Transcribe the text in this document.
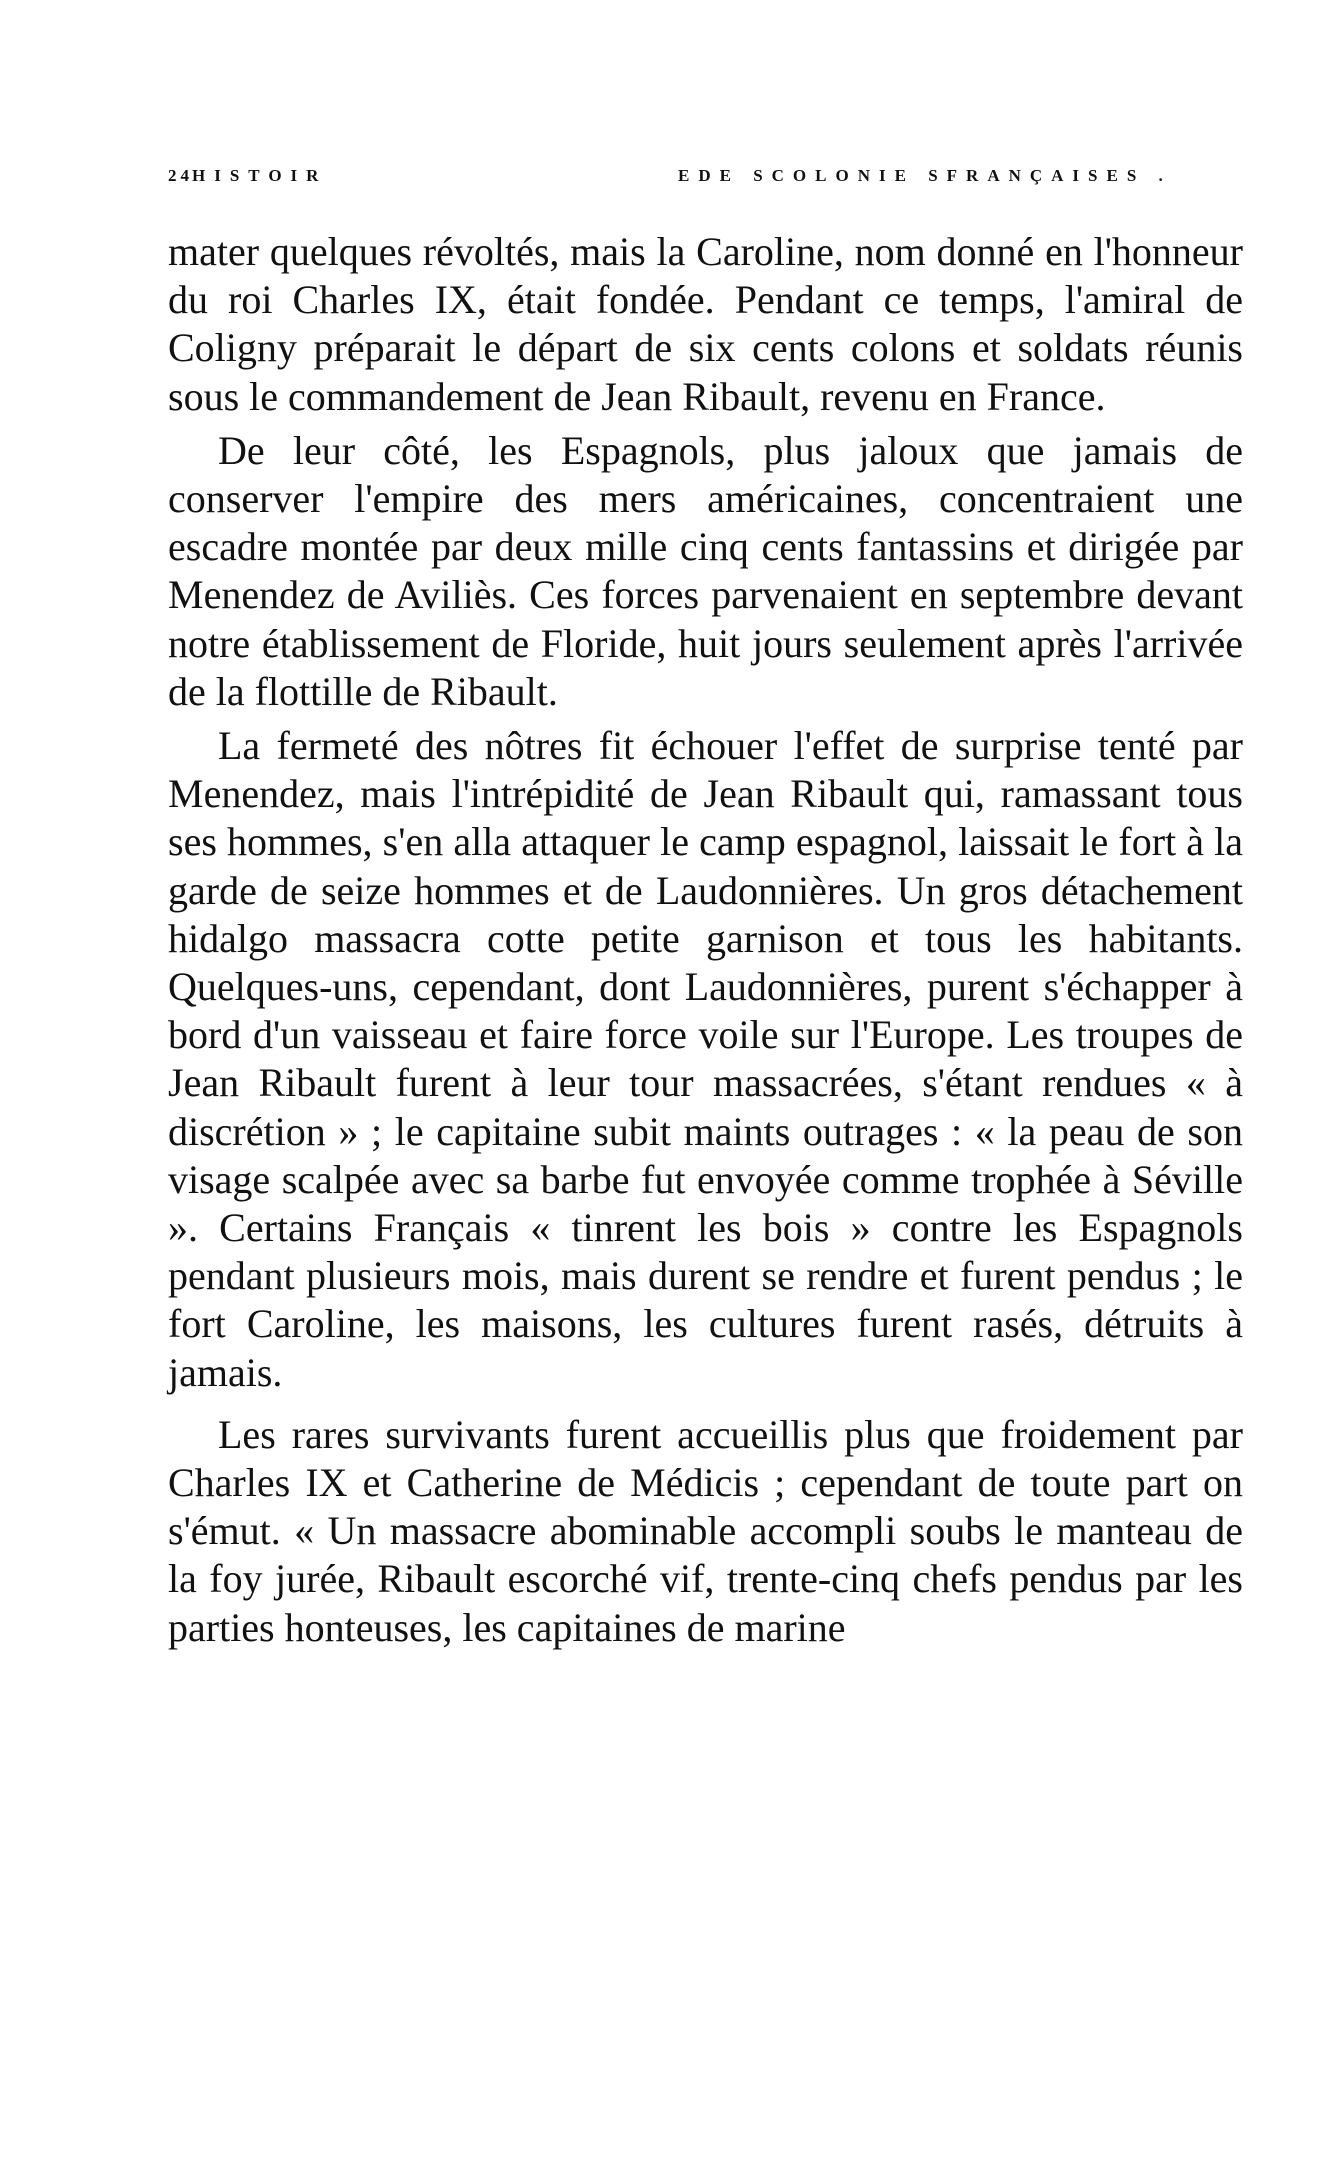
24 HISTOIR	EDE SCOLONIE SFRANÇAISES .

mater quelques révoltés, mais la Caroline, nom donné en l'honneur du roi Charles IX, était fondée. Pendant ce temps, l'amiral de Coligny préparait le départ de six cents colons et soldats réunis sous le commandement de Jean Ribault, revenu en France.

De leur côté, les Espagnols, plus jaloux que jamais de conserver l'empire des mers américaines, concentraient une escadre montée par deux mille cinq cents fantassins et dirigée par Menendez de Aviliès. Ces forces parvenaient en septembre devant notre établissement de Floride, huit jours seulement après l'arrivée de la flottille de Ribault.

La fermeté des nôtres fit échouer l'effet de surprise tenté par Menendez, mais l'intrépidité de Jean Ribault qui, ramassant tous ses hommes, s'en alla attaquer le camp espagnol, laissait le fort à la garde de seize hommes et de Laudonnières. Un gros détachement hidalgo massacra cotte petite garnison et tous les habitants. Quelques-uns, cependant, dont Laudonnières, purent s'échapper à bord d'un vaisseau et faire force voile sur l'Europe. Les troupes de Jean Ribault furent à leur tour massacrées, s'étant rendues « à discrétion » ; le capitaine subit maints outrages : « la peau de son visage scalpée avec sa barbe fut envoyée comme trophée à Séville ». Certains Français « tinrent les bois » contre les Espagnols pendant plusieurs mois, mais durent se rendre et furent pendus ; le fort Caroline, les maisons, les cultures furent rasés, détruits à jamais.

Les rares survivants furent accueillis plus que froidement par Charles IX et Catherine de Médicis ; cependant de toute part on s'émut. « Un massacre abominable accompli soubs le manteau de la foy jurée, Ribault escorché vif, trente-cinq chefs pendus par les parties honteuses, les capitaines de marine
